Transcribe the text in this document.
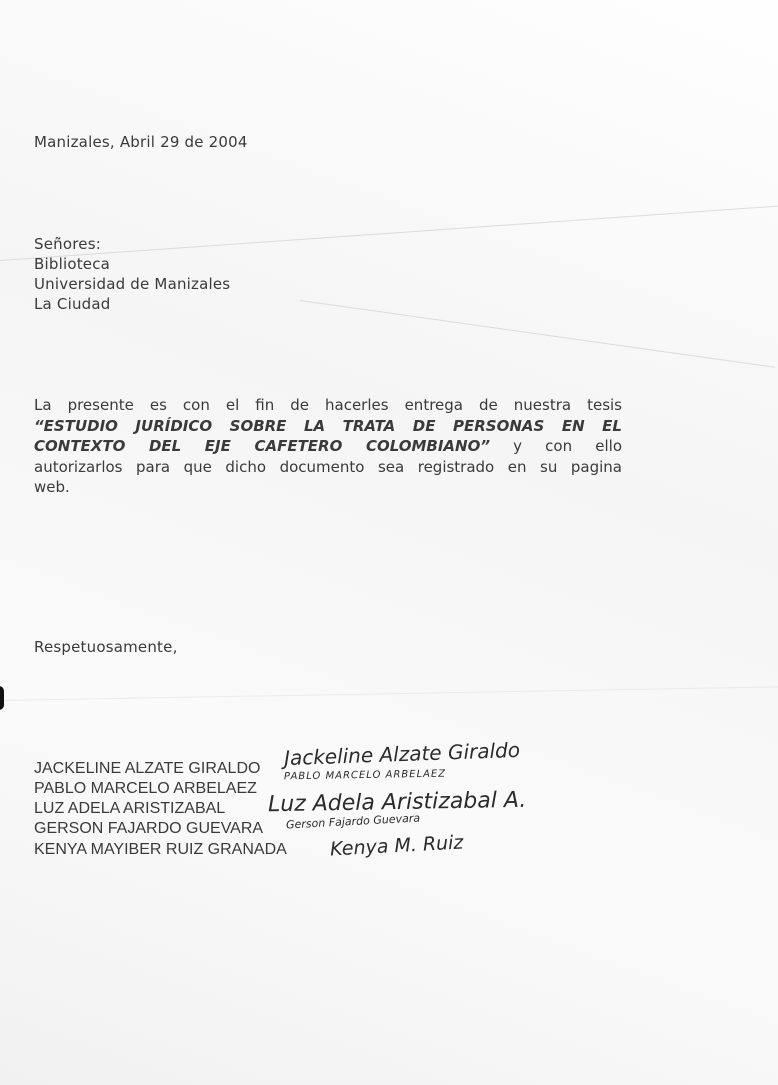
Manizales, Abril 29 de 2004
Señores:
Biblioteca
Universidad de Manizales
La Ciudad
La presente es con el fin de hacerles entrega de nuestra tesis
“ESTUDIO JURÍDICO SOBRE LA TRATA DE PERSONAS EN EL
CONTEXTO DEL EJE CAFETERO COLOMBIANO” y con ello
autorizarlos para que dicho documento sea registrado en su pagina
web.
Respetuosamente,
JACKELINE ALZATE GIRALDO
PABLO MARCELO ARBELAEZ
LUZ ADELA ARISTIZABAL
GERSON FAJARDO GUEVARA
KENYA MAYIBER RUIZ GRANADA
Jackeline Alzate Giraldo
PABLO MARCELO ARBELAEZ
Luz Adela Aristizabal A.
Gerson Fajardo Guevara
Kenya M. Ruiz
